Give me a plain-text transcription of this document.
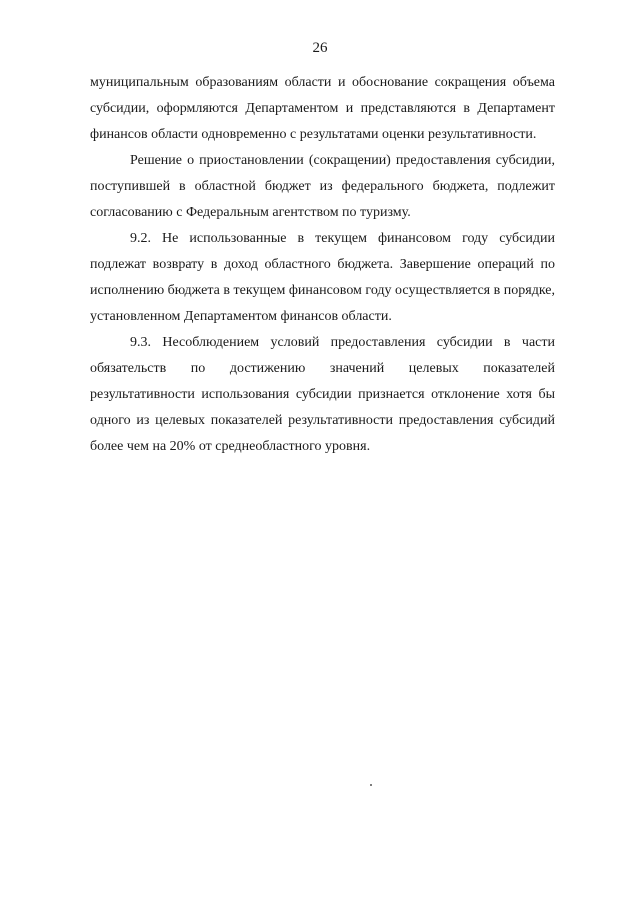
26

муниципальным образованиям области и обоснование сокращения объема субсидии, оформляются Департаментом и представляются в Департамент финансов области одновременно с результатами оценки результативности.

Решение о приостановлении (сокращении) предоставления субсидии, поступившей в областной бюджет из федерального бюджета, подлежит согласованию с Федеральным агентством по туризму.

9.2. Не использованные в текущем финансовом году субсидии подлежат возврату в доход областного бюджета. Завершение операций по исполнению бюджета в текущем финансовом году осуществляется в порядке, установленном Департаментом финансов области.

9.3. Несоблюдением условий предоставления субсидии в части обязательств по достижению значений целевых показателей результативности использования субсидии признается отклонение хотя бы одного из целевых показателей результативности предоставления субсидий более чем на 20% от среднеобластного уровня.
